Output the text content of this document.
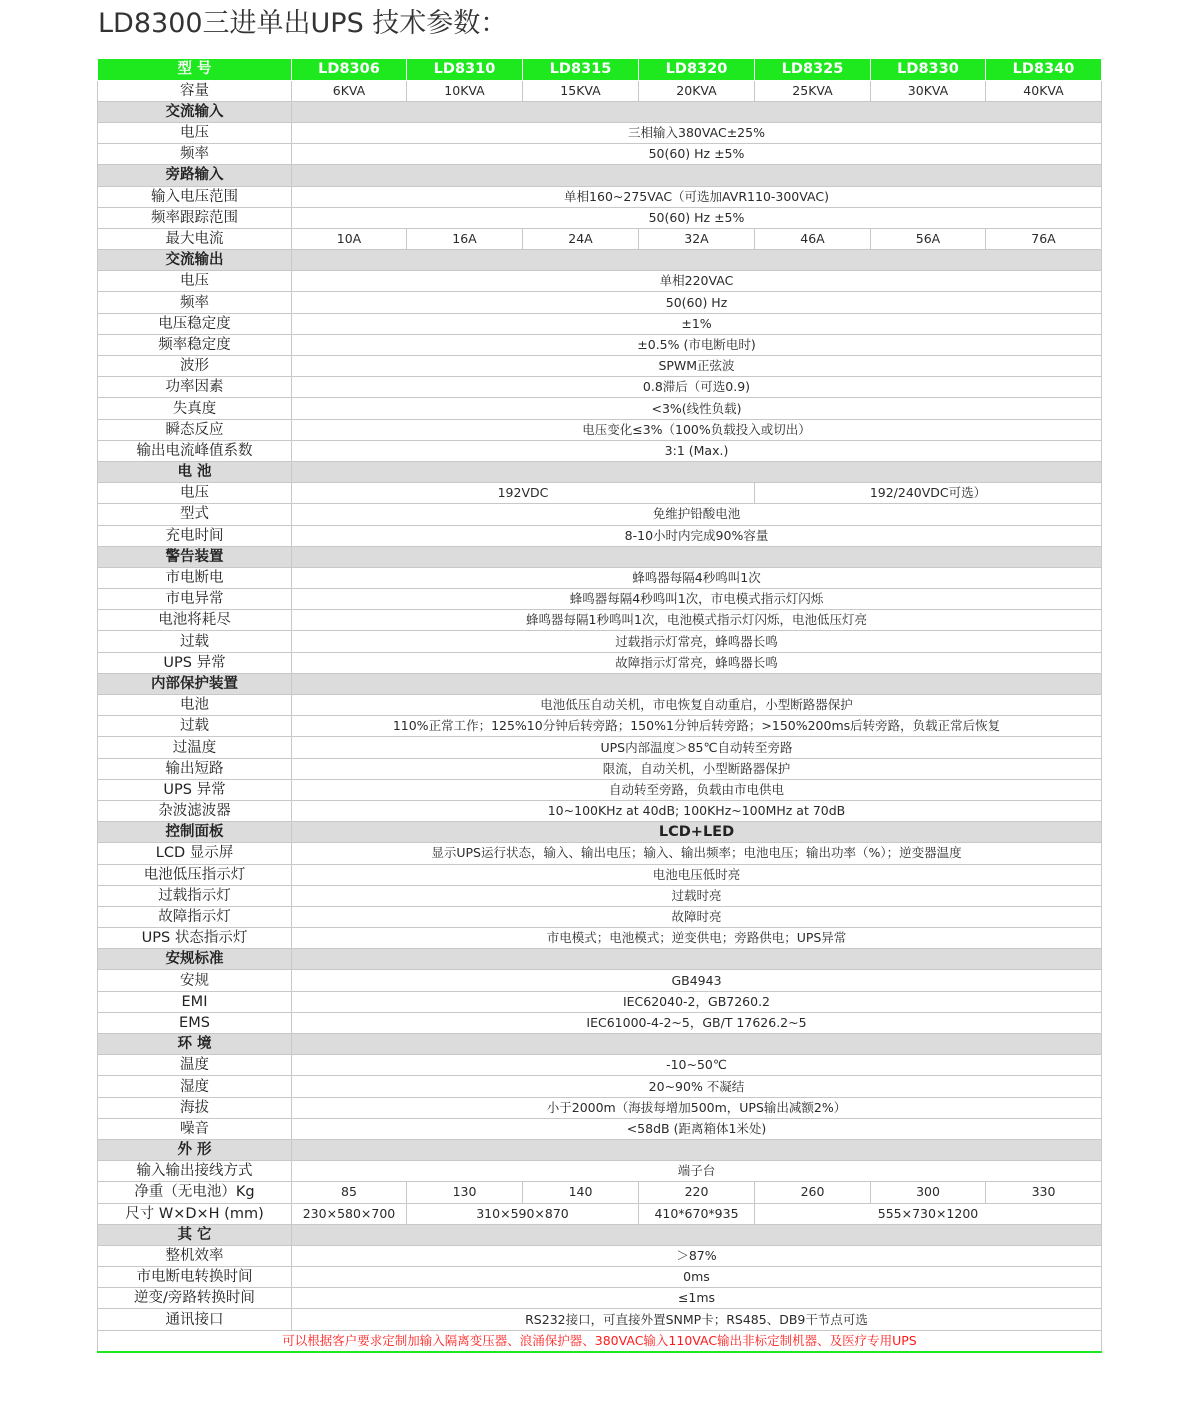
LD8300三进单出UPS 技术参数：
型 号	LD8306	LD8310	LD8315	LD8320	LD8325	LD8330	LD8340
容量	6KVA	10KVA	15KVA	20KVA	25KVA	30KVA	40KVA
交流输入							
电压	三相输入380VAC±25%						
频率	50(60) Hz ±5%						
旁路输入							
输入电压范围	单相160~275VAC（可选加AVR110-300VAC)						
频率跟踪范围	50(60) Hz ±5%						
最大电流	10A	16A	24A	32A	46A	56A	76A
交流输出							
电压	单相220VAC						
频率	50(60) Hz						
电压稳定度	±1%						
频率稳定度	±0.5% (市电断电时)						
波形	SPWM正弦波						
功率因素	0.8滞后（可选0.9)						
失真度	<3%(线性负载)						
瞬态反应	电压变化≤3%（100%负载投入或切出）						
输出电流峰值系数	3:1 (Max.)						
电 池							
电压	192VDC				192/240VDC可选）		
型式	免维护铅酸电池						
充电时间	8-10小时内完成90%容量						
警告装置							
市电断电	蜂鸣器每隔4秒鸣叫1次						
市电异常	蜂鸣器每隔4秒鸣叫1次，市电模式指示灯闪烁						
电池将耗尽	蜂鸣器每隔1秒鸣叫1次，电池模式指示灯闪烁，电池低压灯亮						
过载	过载指示灯常亮，蜂鸣器长鸣						
UPS 异常	故障指示灯常亮，蜂鸣器长鸣						
内部保护装置							
电池	电池低压自动关机，市电恢复自动重启，小型断路器保护						
过载	110%正常工作；125%10分钟后转旁路；150%1分钟后转旁路；>150%200ms后转旁路，负载正常后恢复						
过温度	UPS内部温度＞85℃自动转至旁路						
输出短路	限流，自动关机，小型断路器保护						
UPS 异常	自动转至旁路，负载由市电供电						
杂波滤波器	10~100KHz at 40dB; 100KHz~100MHz at 70dB						
控制面板	LCD+LED						
LCD 显示屏	显示UPS运行状态，输入、输出电压；输入、输出频率；电池电压；输出功率（%）；逆变器温度						
电池低压指示灯	电池电压低时亮						
过载指示灯	过载时亮						
故障指示灯	故障时亮						
UPS 状态指示灯	市电模式；电池模式；逆变供电；旁路供电；UPS异常						
安规标准							
安规	GB4943						
EMI	IEC62040-2，GB7260.2						
EMS	IEC61000-4-2~5，GB/T 17626.2~5						
环 境							
温度	-10~50℃						
湿度	20~90% 不凝结						
海拔	小于2000m（海拔每增加500m，UPS输出减额2%）						
噪音	<58dB (距离箱体1米处)						
外 形							
输入输出接线方式	端子台						
净重（无电池）Kg	85	130	140	220	260	300	330
尺寸 W×D×H (mm)	230×580×700	310×590×870		410*670*935	555×730×1200		
其 它							
整机效率	＞87%						
市电断电转换时间	0ms						
逆变/旁路转换时间	≤1ms						
通讯接口	RS232接口，可直接外置SNMP卡；RS485、DB9干节点可选						
可以根据客户要求定制加输入隔离变压器、浪涌保护器、380VAC输入110VAC输出非标定制机器、及医疗专用UPS							
